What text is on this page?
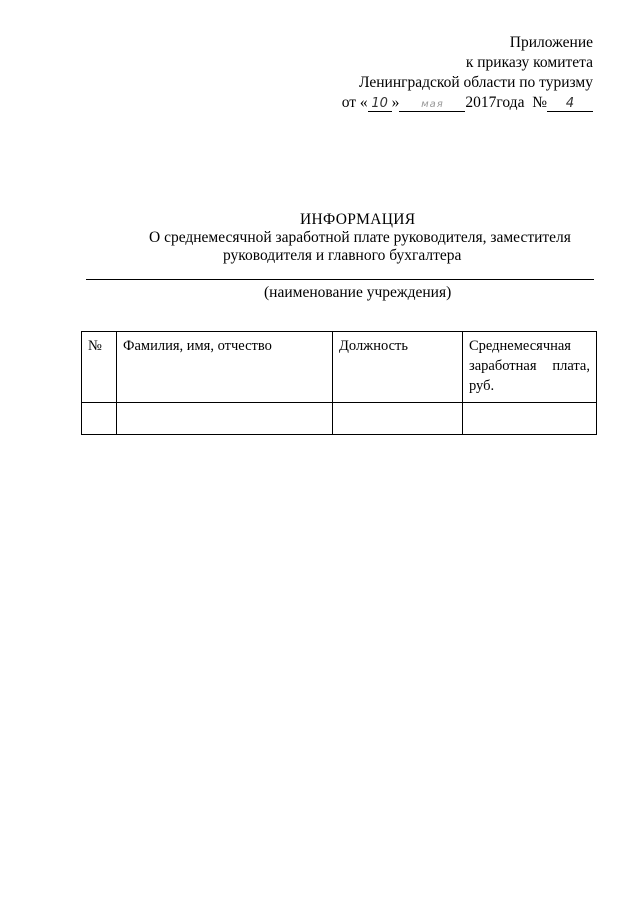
Приложение
к приказу комитета
Ленинградской области по туризму
от « 10 » мая 2017года № 4
ИНФОРМАЦИЯ
О среднемесячной заработной плате руководителя, заместителя
руководителя и главного бухгалтера
(наименование учреждения)
№	Фамилия, имя, отчество	Должность	Среднемесячная заработная плата, руб.
